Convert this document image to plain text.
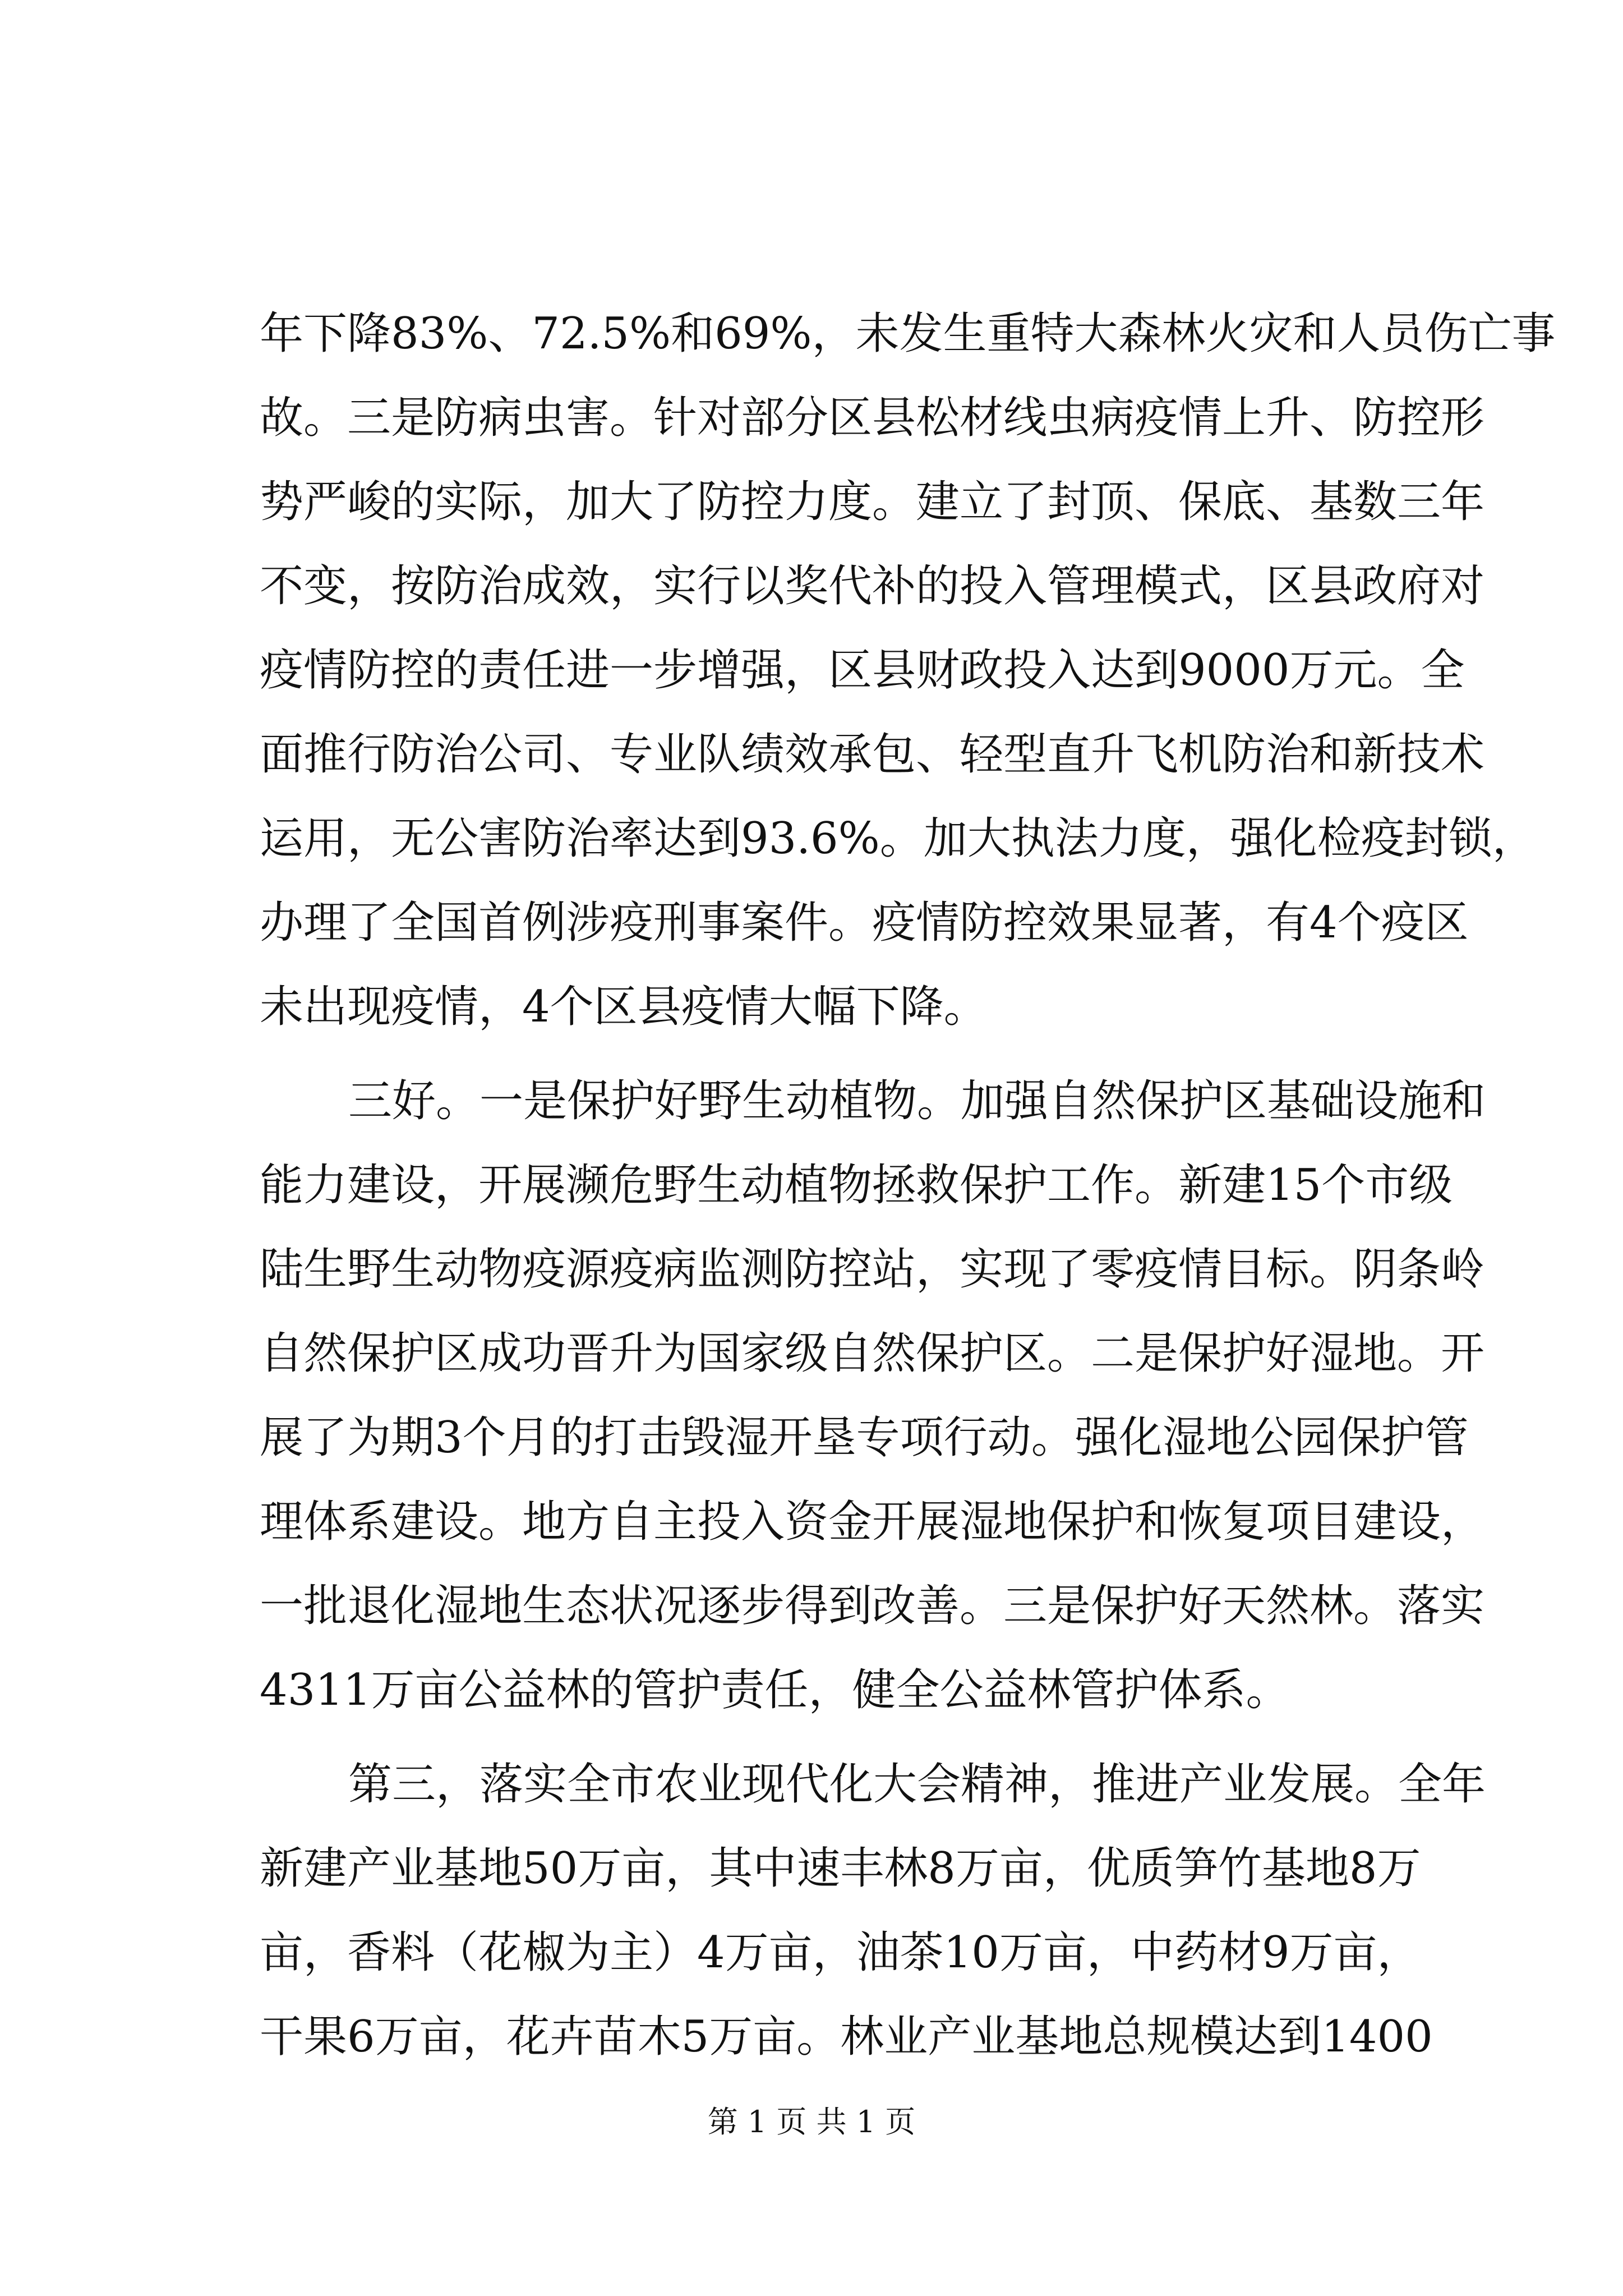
年下降83%、72.5%和69%，未发生重特大森林火灾和人员伤亡事
故。三是防病虫害。针对部分区县松材线虫病疫情上升、防控形
势严峻的实际，加大了防控力度。建立了封顶、保底、基数三年
不变，按防治成效，实行以奖代补的投入管理模式，区县政府对
疫情防控的责任进一步增强，区县财政投入达到9000万元。全
面推行防治公司、专业队绩效承包、轻型直升飞机防治和新技术
运用，无公害防治率达到93.6%。加大执法力度，强化检疫封锁，
办理了全国首例涉疫刑事案件。疫情防控效果显著，有4个疫区
未出现疫情，4个区县疫情大幅下降。
三好。一是保护好野生动植物。加强自然保护区基础设施和
能力建设，开展濒危野生动植物拯救保护工作。新建15个市级
陆生野生动物疫源疫病监测防控站，实现了零疫情目标。阴条岭
自然保护区成功晋升为国家级自然保护区。二是保护好湿地。开
展了为期3个月的打击毁湿开垦专项行动。强化湿地公园保护管
理体系建设。地方自主投入资金开展湿地保护和恢复项目建设，
一批退化湿地生态状况逐步得到改善。三是保护好天然林。落实
4311万亩公益林的管护责任，健全公益林管护体系。
第三，落实全市农业现代化大会精神，推进产业发展。全年
新建产业基地50万亩，其中速丰林8万亩，优质笋竹基地8万
亩，香料（花椒为主）4万亩，油茶10万亩，中药材9万亩，
干果6万亩，花卉苗木5万亩。林业产业基地总规模达到1400
第 1 页 共 1 页
